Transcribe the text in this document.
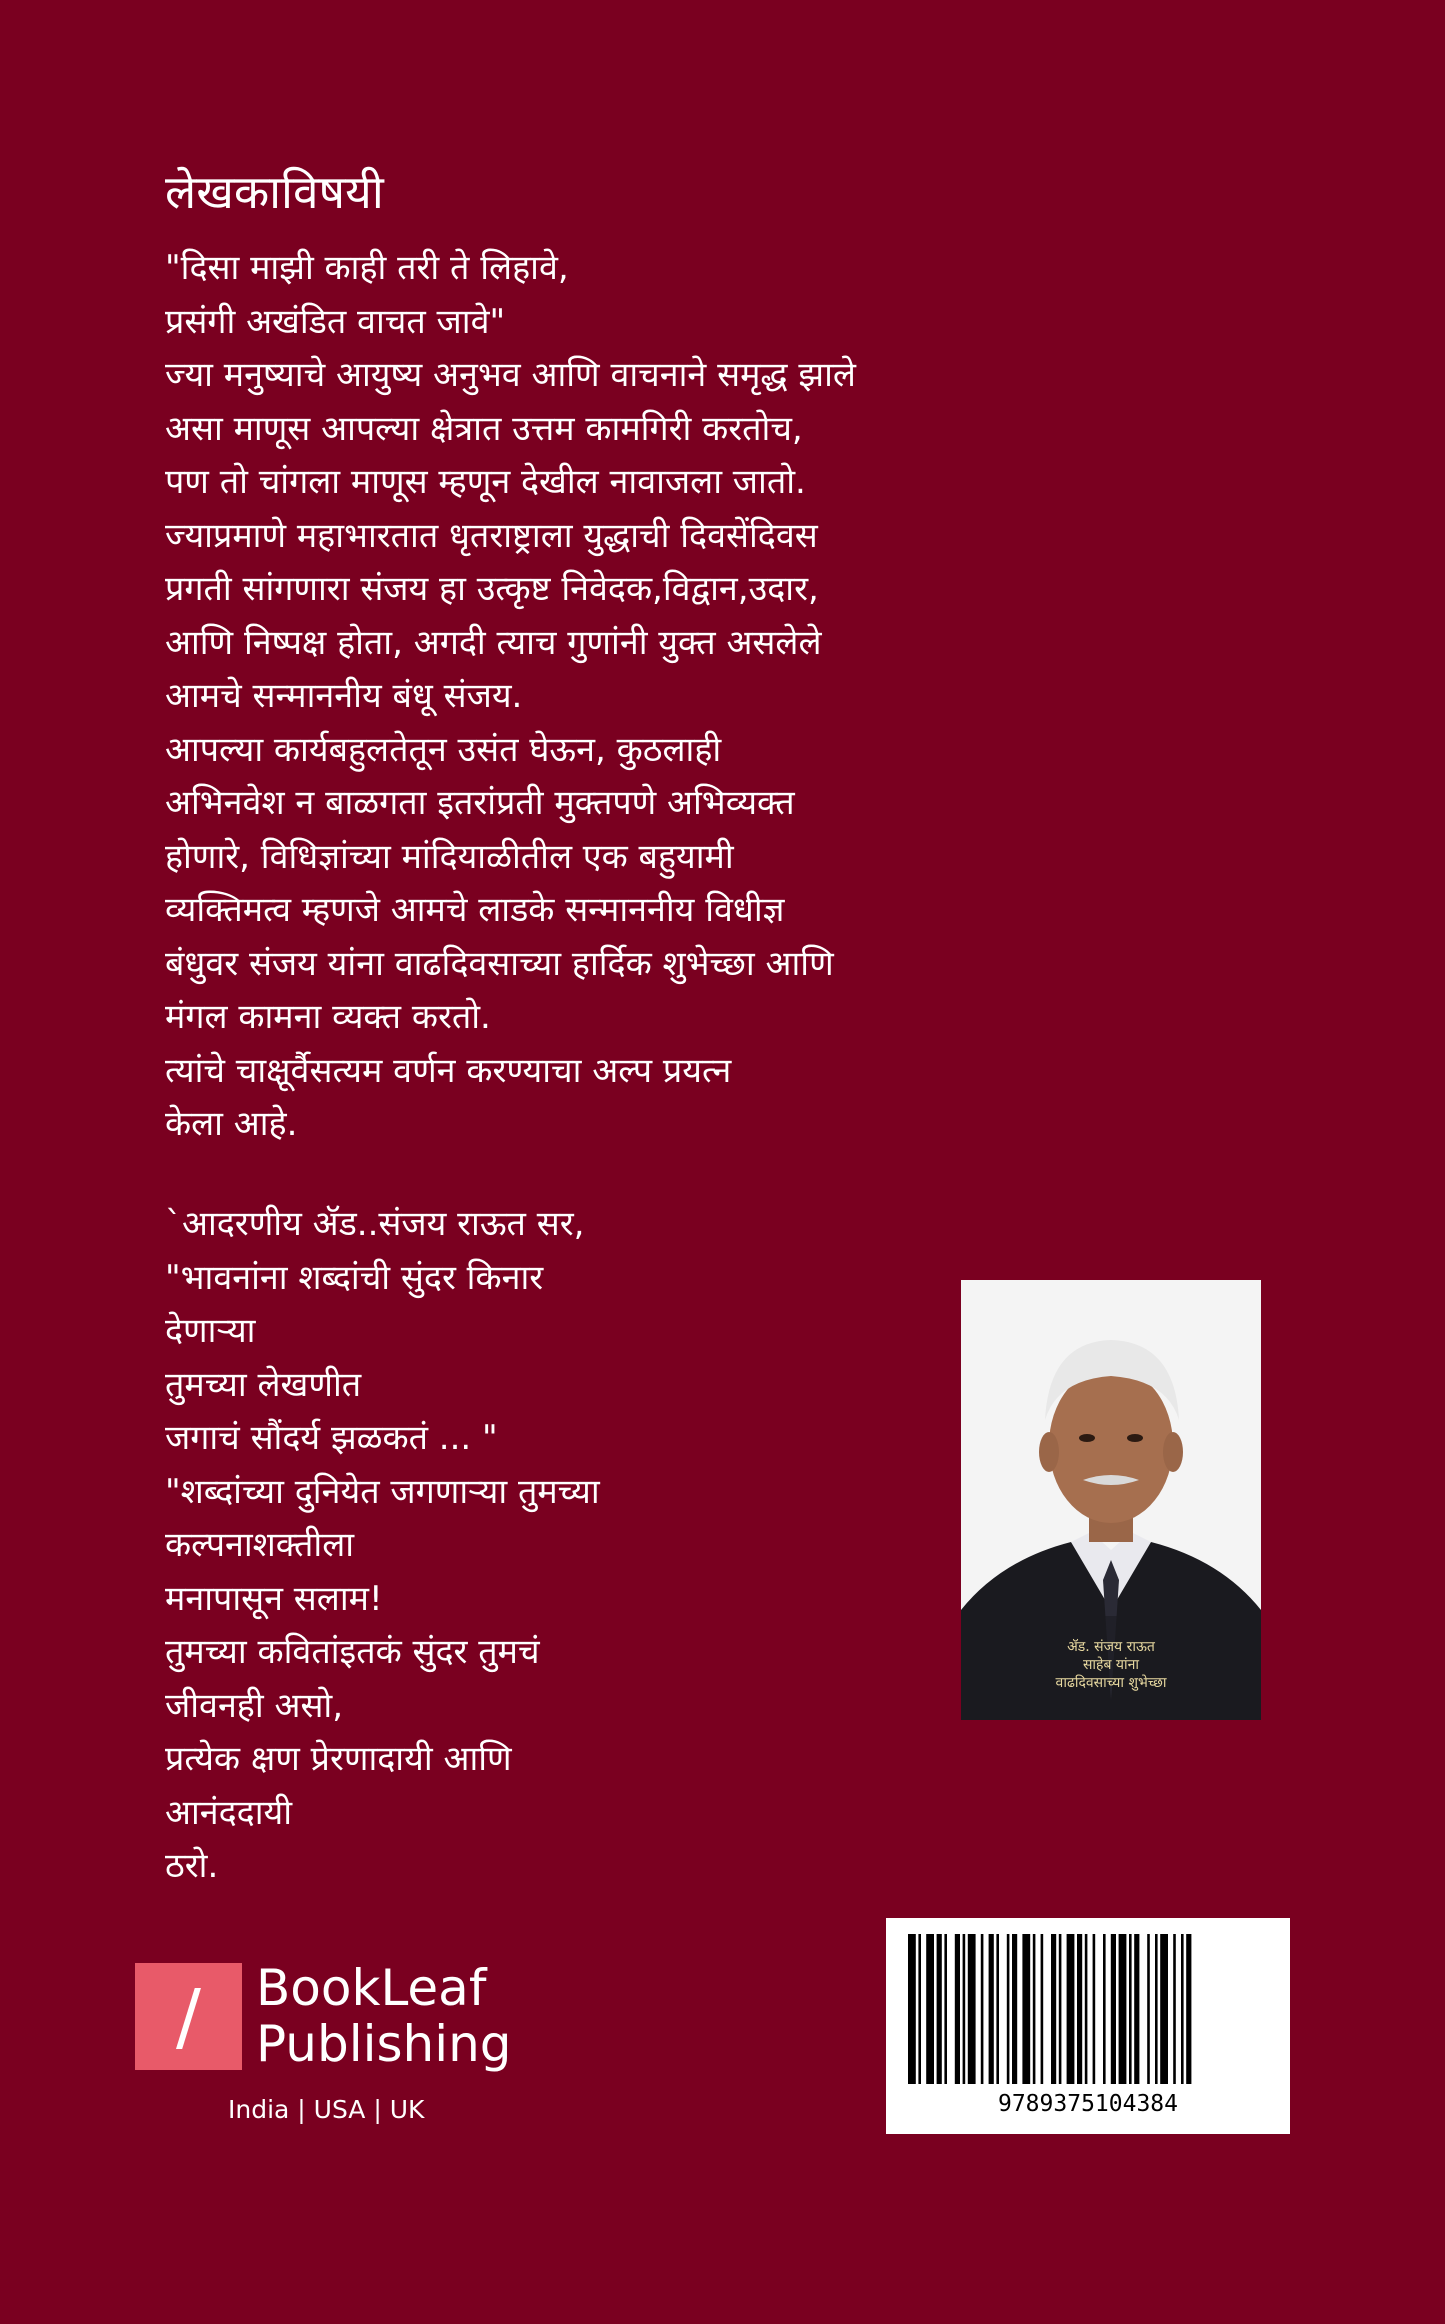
लेखकाविषयी
"दिसा माझी काही तरी ते लिहावे,
प्रसंगी अखंडित वाचत जावे"
ज्या मनुष्याचे आयुष्य अनुभव आणि वाचनाने समृद्ध झाले
असा माणूस आपल्या क्षेत्रात उत्तम कामगिरी करतोच,
पण तो चांगला माणूस म्हणून देखील नावाजला जातो.
ज्याप्रमाणे महाभारतात धृतराष्ट्राला युद्धाची दिवसेंदिवस
प्रगती सांगणारा संजय हा उत्कृष्ट निवेदक,विद्वान,उदार,
आणि निष्पक्ष होता, अगदी त्याच गुणांनी युक्त असलेले
आमचे सन्माननीय बंधू संजय.
आपल्या कार्यबहुलतेतून उसंत घेऊन, कुठलाही
अभिनवेश न बाळगता इतरांप्रती मुक्तपणे अभिव्यक्त
होणारे, विधिज्ञांच्या मांदियाळीतील एक बहुयामी
व्यक्तिमत्व म्हणजे आमचे लाडके सन्माननीय विधीज्ञ
बंधुवर संजय यांना वाढदिवसाच्या हार्दिक शुभेच्छा आणि
मंगल कामना व्यक्त करतो.
त्यांचे चाक्षूर्वैसत्यम वर्णन करण्याचा अल्प प्रयत्न
केला आहे.
`आदरणीय ॲड..संजय राऊत सर,
"भावनांना शब्दांची सुंदर किनार
देणाऱ्या
तुमच्या लेखणीत
जगाचं सौंदर्य झळकतं ... "
"शब्दांच्या दुनियेत जगणाऱ्या तुमच्या
कल्पनाशक्तीला
मनापासून सलाम!
तुमच्या कवितांइतकं सुंदर तुमचं
जीवनही असो,
प्रत्येक क्षण प्रेरणादायी आणि
आनंददायी
ठरो.
ॲड. संजय राऊत
साहेब यांना
वाढदिवसाच्या शुभेच्छा
/	BookLeaf
Publishing
India | USA | UK	9789375104384
